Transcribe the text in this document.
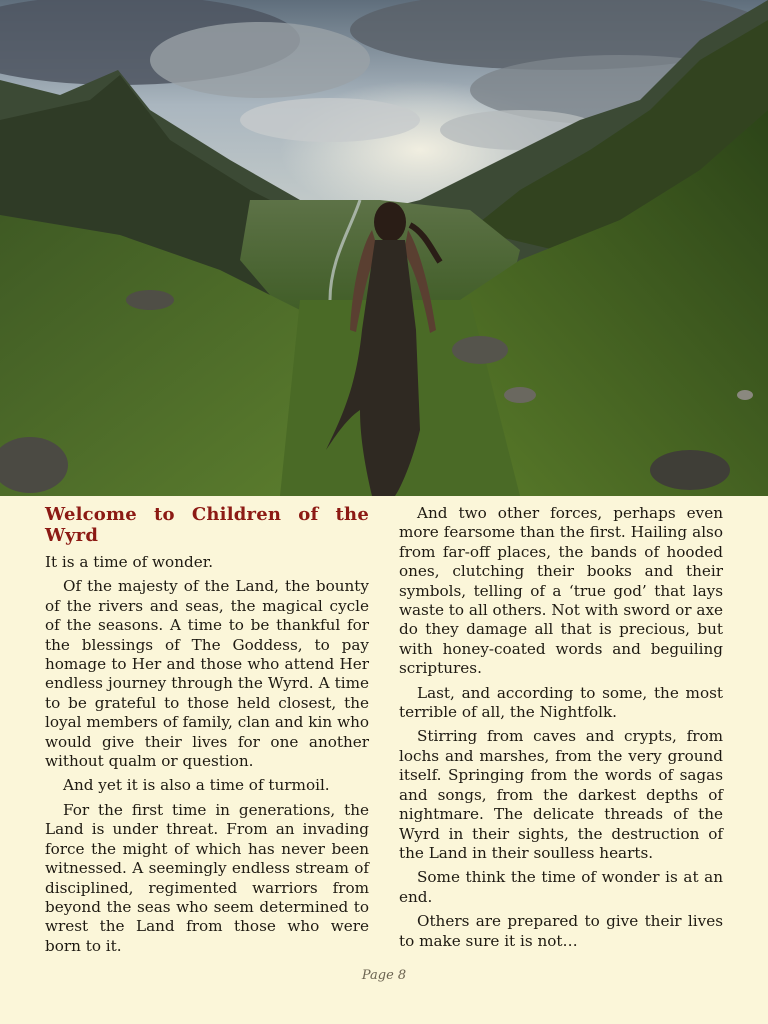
Welcome to Children of the Wyrd

It is a time of wonder.

Of the majesty of the Land, the bounty of the rivers and seas, the magical cycle of the seasons. A time to be thankful for the blessings of The Goddess, to pay homage to Her and those who attend Her endless journey through the Wyrd. A time to be grateful to those held closest, the loyal members of family, clan and kin who would give their lives for one another without qualm or question.

And yet it is also a time of turmoil.

For the first time in generations, the Land is under threat. From an invading force the might of which has never been witnessed. A seemingly endless stream of disciplined, regimented warriors from beyond the seas who seem determined to wrest the Land from those who were born to it.

And two other forces, perhaps even more fearsome than the first. Hailing also from far-off places, the bands of hooded ones, clutching their books and their symbols, telling of a ‘true god’ that lays waste to all others. Not with sword or axe do they damage all that is precious, but with honey-coated words and beguiling scriptures.

Last, and according to some, the most terrible of all, the Nightfolk.

Stirring from caves and crypts, from lochs and marshes, from the very ground itself. Springing from the words of sagas and songs, from the darkest depths of nightmare. The delicate threads of the Wyrd in their sights, the destruction of the Land in their soulless hearts.

Some think the time of wonder is at an end.

Others are prepared to give their lives to make sure it is not…

Page 8
